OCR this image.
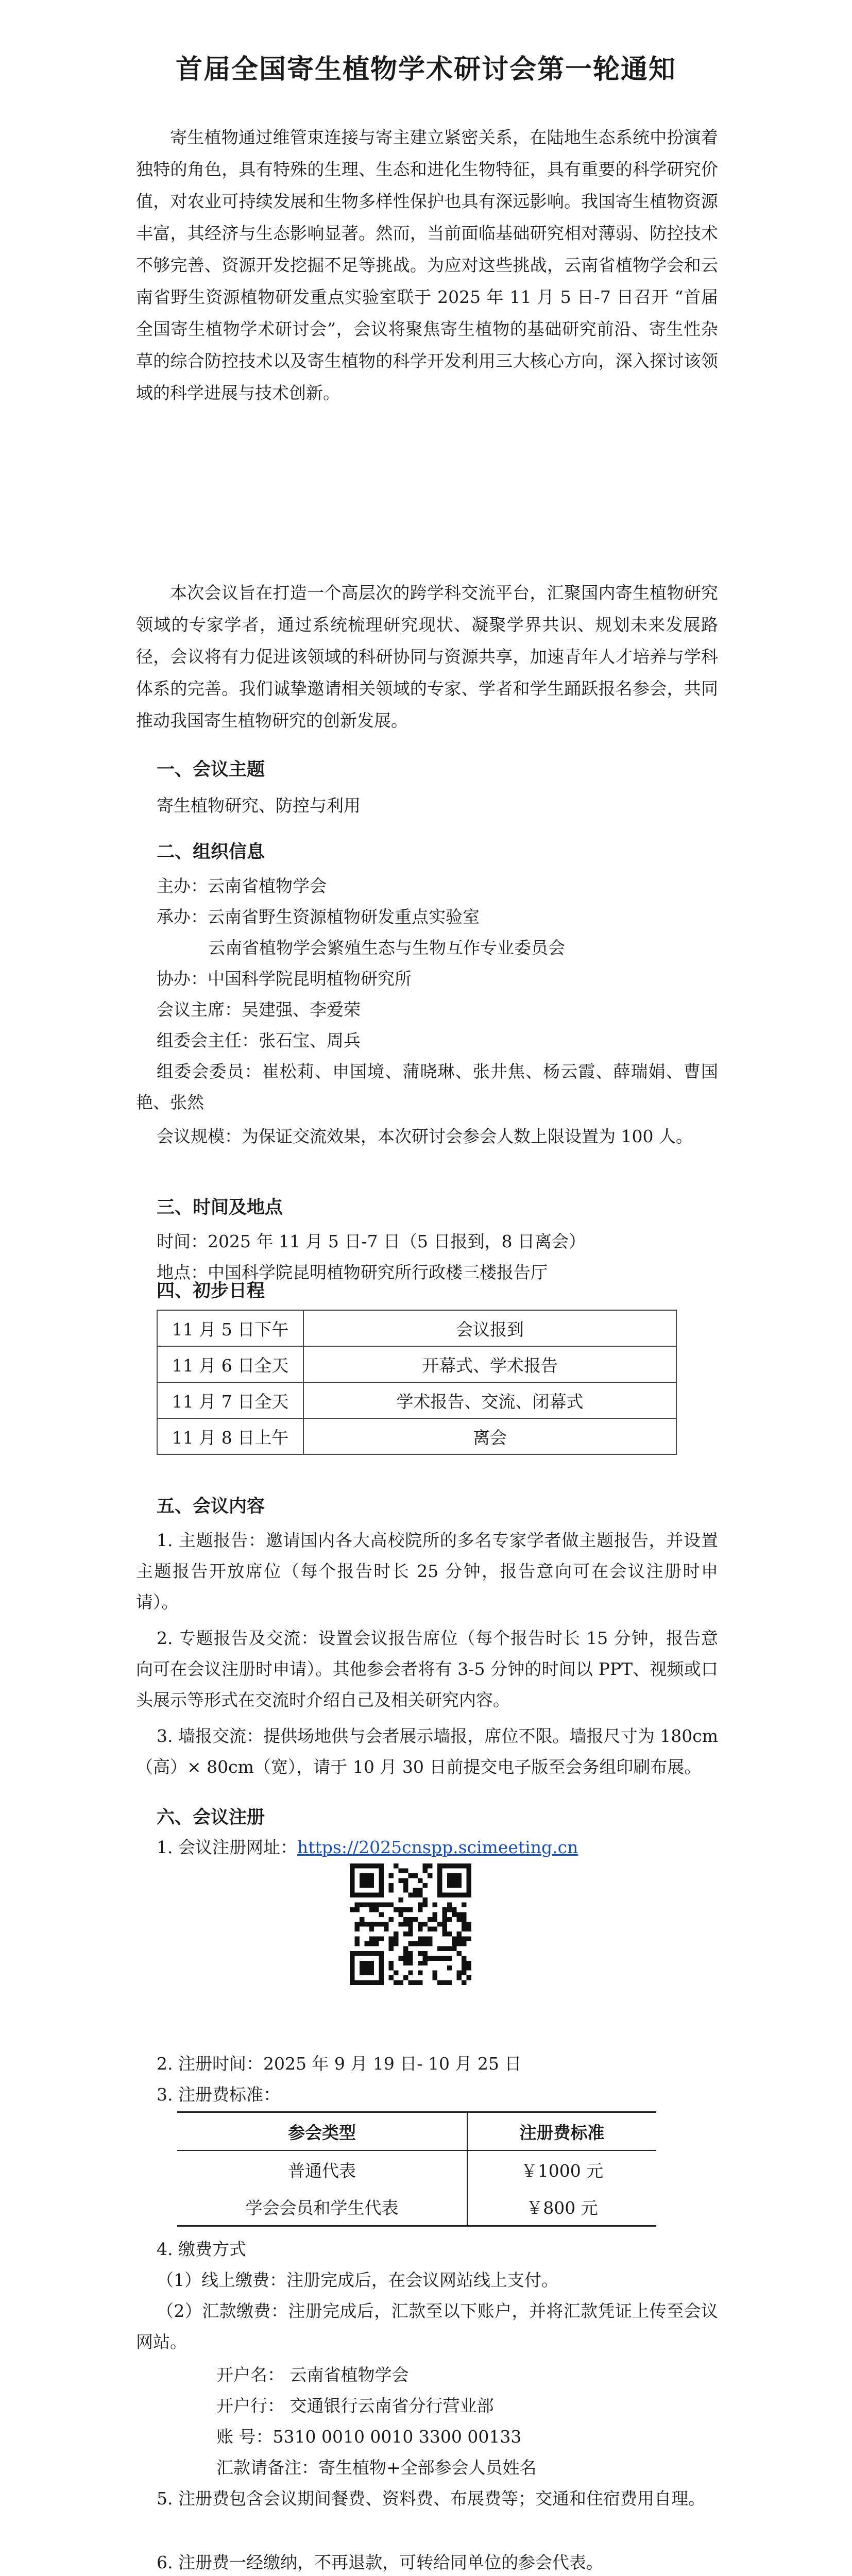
首届全国寄生植物学术研讨会第一轮通知
寄生植物通过维管束连接与寄主建立紧密关系，在陆地生态系统中扮演着独特的角色，具有特殊的生理、生态和进化生物特征，具有重要的科学研究价值，对农业可持续发展和生物多样性保护也具有深远影响。我国寄生植物资源丰富，其经济与生态影响显著。然而，当前面临基础研究相对薄弱、防控技术不够完善、资源开发挖掘不足等挑战。为应对这些挑战，云南省植物学会和云南省野生资源植物研发重点实验室联于 2025 年 11 月 5 日-7 日召开 “首届全国寄生植物学术研讨会”，会议将聚焦寄生植物的基础研究前沿、寄生性杂草的综合防控技术以及寄生植物的科学开发利用三大核心方向，深入探讨该领域的科学进展与技术创新。
本次会议旨在打造一个高层次的跨学科交流平台，汇聚国内寄生植物研究领域的专家学者，通过系统梳理研究现状、凝聚学界共识、规划未来发展路径，会议将有力促进该领域的科研协同与资源共享，加速青年人才培养与学科体系的完善。我们诚挚邀请相关领域的专家、学者和学生踊跃报名参会，共同推动我国寄生植物研究的创新发展。
一、会议主题
寄生植物研究、防控与利用
二、组织信息
主办：云南省植物学会
承办：云南省野生资源植物研发重点实验室
云南省植物学会繁殖生态与生物互作专业委员会
协办：中国科学院昆明植物研究所
会议主席：吴建强、李爱荣
组委会主任：张石宝、周兵
组委会委员：崔松莉、申国境、蒲晓琳、张井焦、杨云霞、薛瑞娟、曹国艳、张然
会议规模：为保证交流效果，本次研讨会参会人数上限设置为 100 人。
三、时间及地点
时间：2025 年 11 月 5 日-7 日（5 日报到，8 日离会）
地点：中国科学院昆明植物研究所行政楼三楼报告厅
四、初步日程
11 月 5 日下午	会议报到
11 月 6 日全天	开幕式、学术报告
11 月 7 日全天	学术报告、交流、闭幕式
11 月 8 日上午	离会
五、会议内容
1. 主题报告：邀请国内各大高校院所的多名专家学者做主题报告，并设置主题报告开放席位（每个报告时长 25 分钟，报告意向可在会议注册时申请）。
2. 专题报告及交流：设置会议报告席位（每个报告时长 15 分钟，报告意向可在会议注册时申请）。其他参会者将有 3-5 分钟的时间以 PPT、视频或口头展示等形式在交流时介绍自己及相关研究内容。
3. 墙报交流：提供场地供与会者展示墙报，席位不限。墙报尺寸为 180cm（高）× 80cm（宽），请于 10 月 30 日前提交电子版至会务组印刷布展。
六、会议注册
1. 会议注册网址：https://2025cnspp.scimeeting.cn
2. 注册时间：2025 年 9 月 19 日- 10 月 25 日
3. 注册费标准：
参会类型	注册费标准
普通代表	￥1000 元
学会会员和学生代表	￥800 元
4. 缴费方式
（1）线上缴费：注册完成后，在会议网站线上支付。
（2）汇款缴费：注册完成后，汇款至以下账户，并将汇款凭证上传至会议网站。
开户名： 云南省植物学会
开户行： 交通银行云南省分行营业部
账 号：5310 0010 0010 3300 00133
汇款请备注：寄生植物+全部参会人员姓名
5. 注册费包含会议期间餐费、资料费、布展费等；交通和住宿费用自理。
6. 注册费一经缴纳，不再退款，可转给同单位的参会代表。
